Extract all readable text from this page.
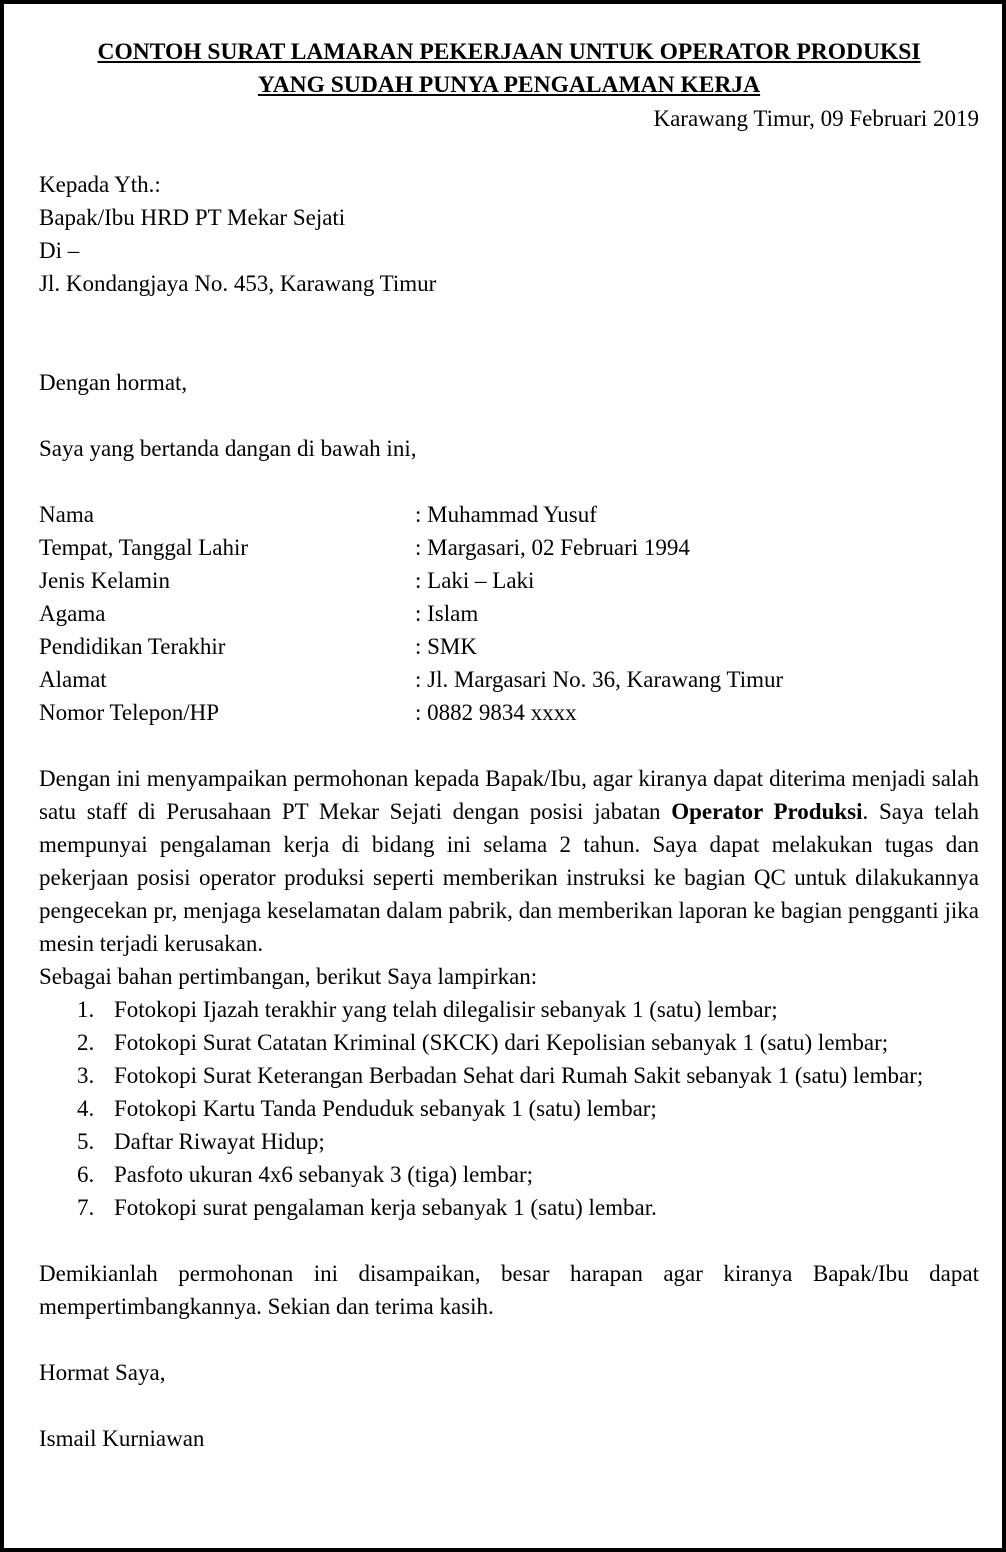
CONTOH SURAT LAMARAN PEKERJAAN UNTUK OPERATOR PRODUKSI

YANG SUDAH PUNYA PENGALAMAN KERJA

Karawang Timur, 09 Februari 2019

Kepada Yth.:

Bapak/Ibu HRD PT Mekar Sejati

Di –

Jl. Kondangjaya No. 453, Karawang Timur

Dengan hormat,

Saya yang bertanda dangan di bawah ini,

Nama	: Muhammad Yusuf
Tempat, Tanggal Lahir	: Margasari, 02 Februari 1994
Jenis Kelamin	: Laki – Laki
Agama	: Islam
Pendidikan Terakhir	: SMK
Alamat	: Jl. Margasari No. 36, Karawang Timur
Nomor Telepon/HP	: 0882 9834 xxxx

Dengan ini menyampaikan permohonan kepada Bapak/Ibu, agar kiranya dapat diterima menjadi salah satu staff di Perusahaan PT Mekar Sejati dengan posisi jabatan Operator Produksi. Saya telah mempunyai pengalaman kerja di bidang ini selama 2 tahun. Saya dapat melakukan tugas dan pekerjaan posisi operator produksi seperti memberikan instruksi ke bagian QC untuk dilakukannya pengecekan pr, menjaga keselamatan dalam pabrik, dan memberikan laporan ke bagian pengganti jika mesin terjadi kerusakan.

Sebagai bahan pertimbangan, berikut Saya lampirkan:

1. Fotokopi Ijazah terakhir yang telah dilegalisir sebanyak 1 (satu) lembar;
2. Fotokopi Surat Catatan Kriminal (SKCK) dari Kepolisian sebanyak 1 (satu) lembar;
3. Fotokopi Surat Keterangan Berbadan Sehat dari Rumah Sakit sebanyak 1 (satu) lembar;
4. Fotokopi Kartu Tanda Penduduk sebanyak 1 (satu) lembar;
5. Daftar Riwayat Hidup;
6. Pasfoto ukuran 4x6 sebanyak 3 (tiga) lembar;
7. Fotokopi surat pengalaman kerja sebanyak 1 (satu) lembar.

Demikianlah permohonan ini disampaikan, besar harapan agar kiranya Bapak/Ibu dapat mempertimbangkannya. Sekian dan terima kasih.

Hormat Saya,

Ismail Kurniawan
